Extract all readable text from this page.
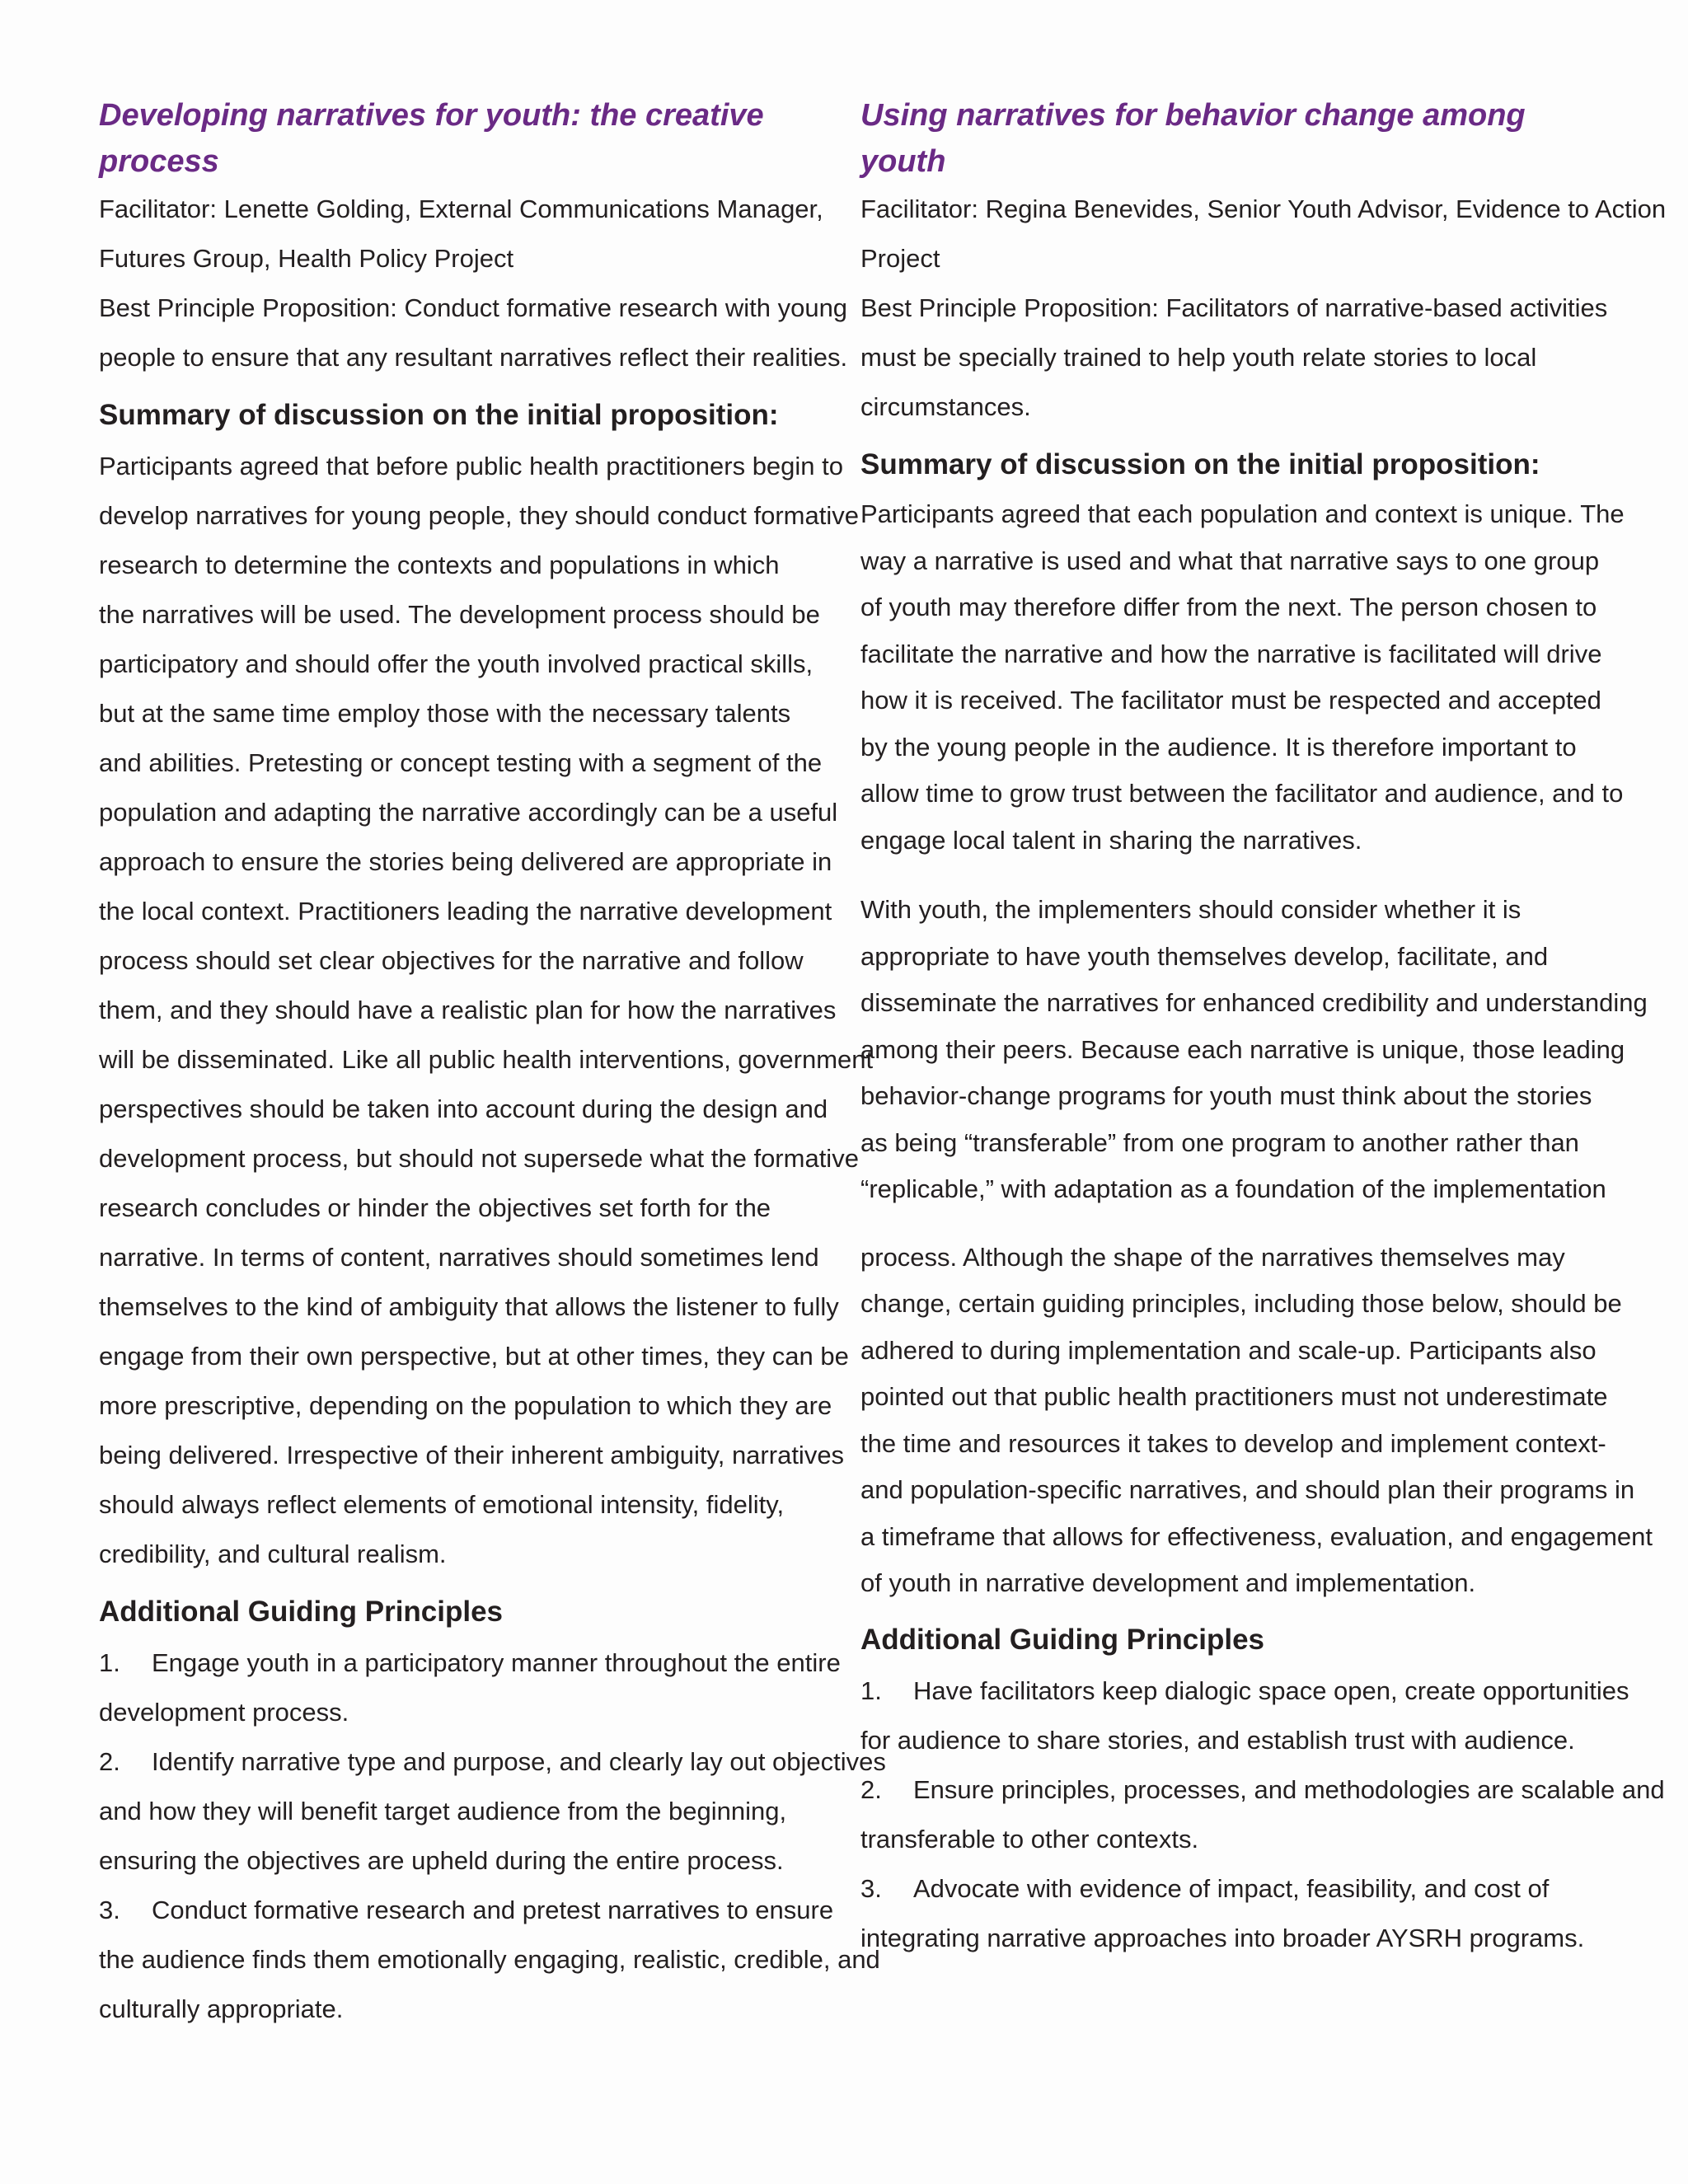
Developing narratives for youth: the creative process

Facilitator: Lenette Golding, External Communications Manager,

Futures Group, Health Policy Project

Best Principle Proposition: Conduct formative research with young

people to ensure that any resultant narratives reflect their realities.

Summary of discussion on the initial proposition:

Participants agreed that before public health practitioners begin to

develop narratives for young people, they should conduct formative

research to determine the contexts and populations in which

the narratives will be used. The development process should be

participatory and should offer the youth involved practical skills,

but at the same time employ those with the necessary talents

and abilities. Pretesting or concept testing with a segment of the

population and adapting the narrative accordingly can be a useful

approach to ensure the stories being delivered are appropriate in

the local context. Practitioners leading the narrative development

process should set clear objectives for the narrative and follow

them, and they should have a realistic plan for how the narratives

will be disseminated. Like all public health interventions, government

perspectives should be taken into account during the design and

development process, but should not supersede what the formative

research concludes or hinder the objectives set forth for the

narrative. In terms of content, narratives should sometimes lend

themselves to the kind of ambiguity that allows the listener to fully

engage from their own perspective, but at other times, they can be

more prescriptive, depending on the population to which they are

being delivered. Irrespective of their inherent ambiguity, narratives

should always reflect elements of emotional intensity, fidelity,

credibility, and cultural realism.

Additional Guiding Principles

1. Engage youth in a participatory manner throughout the entire

development process.

2. Identify narrative type and purpose, and clearly lay out objectives

and how they will benefit target audience from the beginning,

ensuring the objectives are upheld during the entire process.

3. Conduct formative research and pretest narratives to ensure

the audience finds them emotionally engaging, realistic, credible, and

culturally appropriate.

Using narratives for behavior change among youth

Facilitator: Regina Benevides, Senior Youth Advisor, Evidence to Action

Project

Best Principle Proposition: Facilitators of narrative-based activities

must be specially trained to help youth relate stories to local

circumstances.

Summary of discussion on the initial proposition:

Participants agreed that each population and context is unique. The

way a narrative is used and what that narrative says to one group

of youth may therefore differ from the next. The person chosen to

facilitate the narrative and how the narrative is facilitated will drive

how it is received. The facilitator must be respected and accepted

by the young people in the audience. It is therefore important to

allow time to grow trust between the facilitator and audience, and to

engage local talent in sharing the narratives.

With youth, the implementers should consider whether it is

appropriate to have youth themselves develop, facilitate, and

disseminate the narratives for enhanced credibility and understanding

among their peers. Because each narrative is unique, those leading

behavior-change programs for youth must think about the stories

as being “transferable” from one program to another rather than

“replicable,” with adaptation as a foundation of the implementation

process. Although the shape of the narratives themselves may

change, certain guiding principles, including those below, should be

adhered to during implementation and scale-up. Participants also

pointed out that public health practitioners must not underestimate

the time and resources it takes to develop and implement context-

and population-specific narratives, and should plan their programs in

a timeframe that allows for effectiveness, evaluation, and engagement

of youth in narrative development and implementation.

Additional Guiding Principles

1. Have facilitators keep dialogic space open, create opportunities

for audience to share stories, and establish trust with audience.

2. Ensure principles, processes, and methodologies are scalable and

transferable to other contexts.

3. Advocate with evidence of impact, feasibility, and cost of

integrating narrative approaches into broader AYSRH programs.
